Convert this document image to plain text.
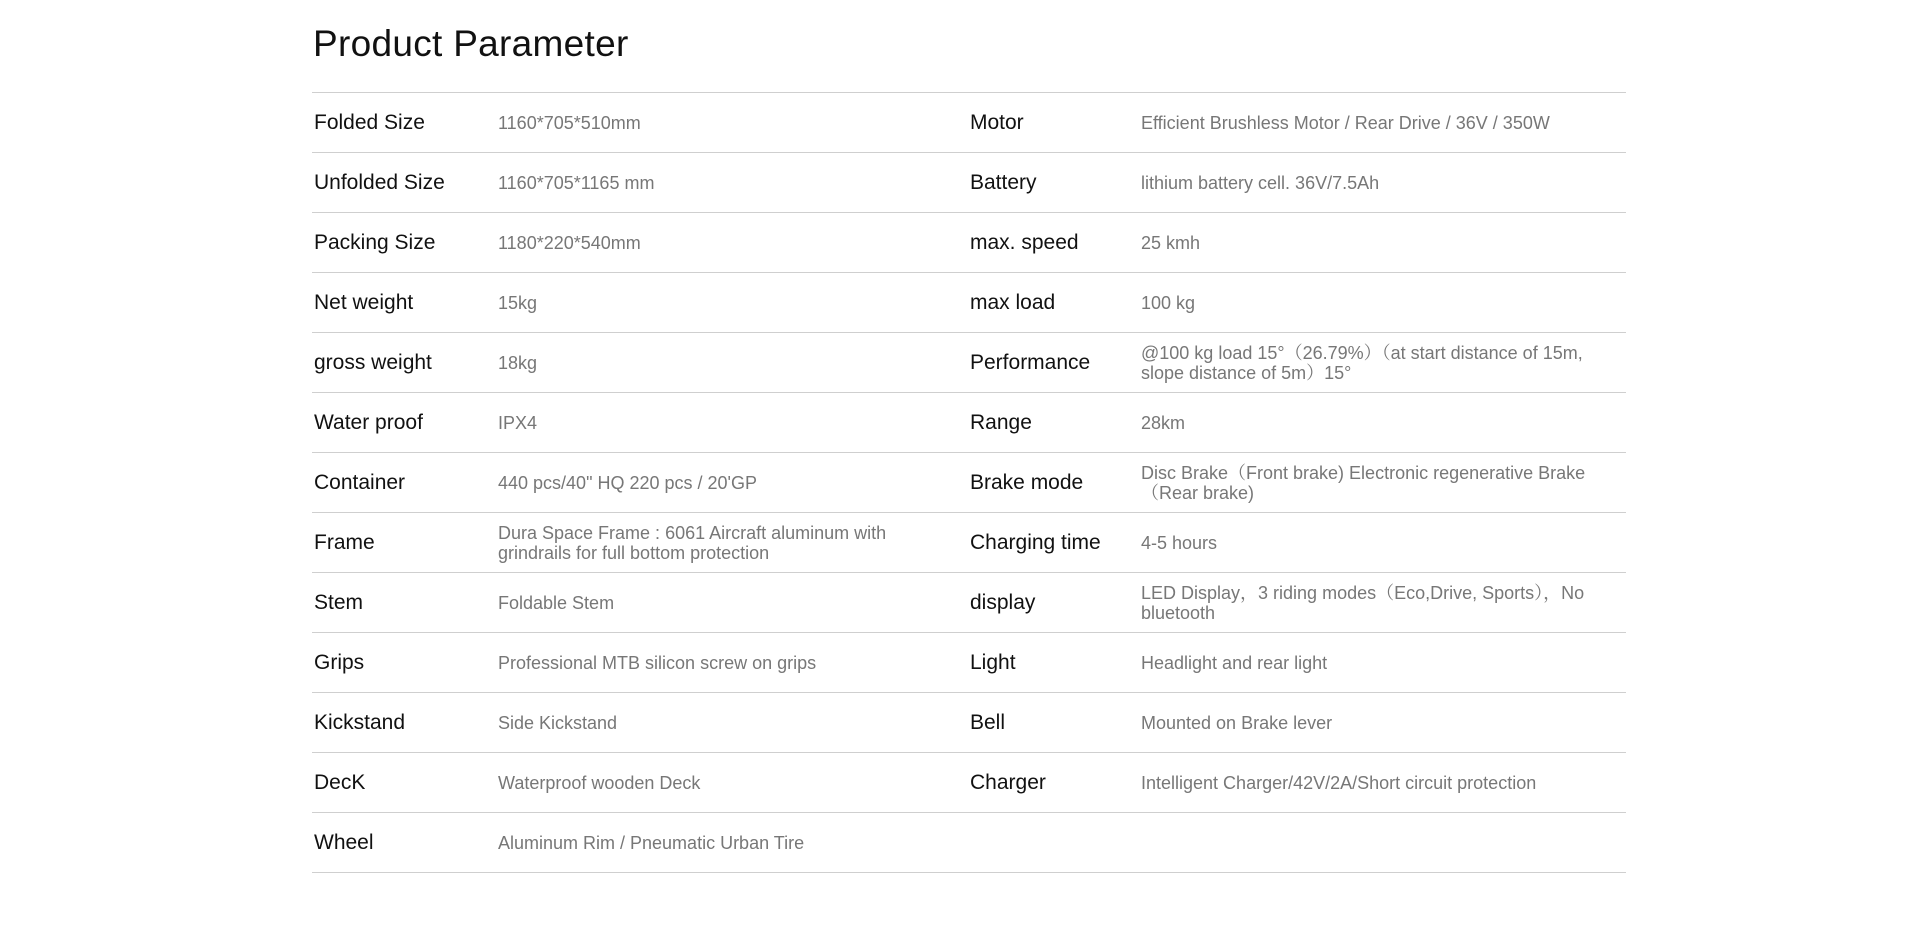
Product Parameter
Folded Size	1160*705*510mm	Motor	Efficient Brushless Motor / Rear Drive / 36V / 350W
Unfolded Size	1160*705*1165 mm	Battery	lithium battery cell. 36V/7.5Ah
Packing Size	1180*220*540mm	max. speed	25 kmh
Net weight	15kg	max load	100 kg
gross weight	18kg	Performance	@100 kg load 15°（26.79%）（at start distance of 15m, slope distance of 5m）15°
Water proof	IPX4	Range	28km
Container	440 pcs/40" HQ 220 pcs / 20'GP	Brake mode	Disc Brake（Front brake) Electronic regenerative Brake（Rear brake)
Frame	Dura Space Frame : 6061 Aircraft aluminum with grindrails for full bottom protection	Charging time	4-5 hours
Stem	Foldable Stem	display	LED Display，3 riding modes（Eco,Drive, Sports），No bluetooth
Grips	Professional MTB silicon screw on grips	Light	Headlight and rear light
Kickstand	Side Kickstand	Bell	Mounted on Brake lever
DecK	Waterproof wooden Deck	Charger	Intelligent Charger/42V/2A/Short circuit protection
Wheel	Aluminum Rim / Pneumatic Urban Tire
